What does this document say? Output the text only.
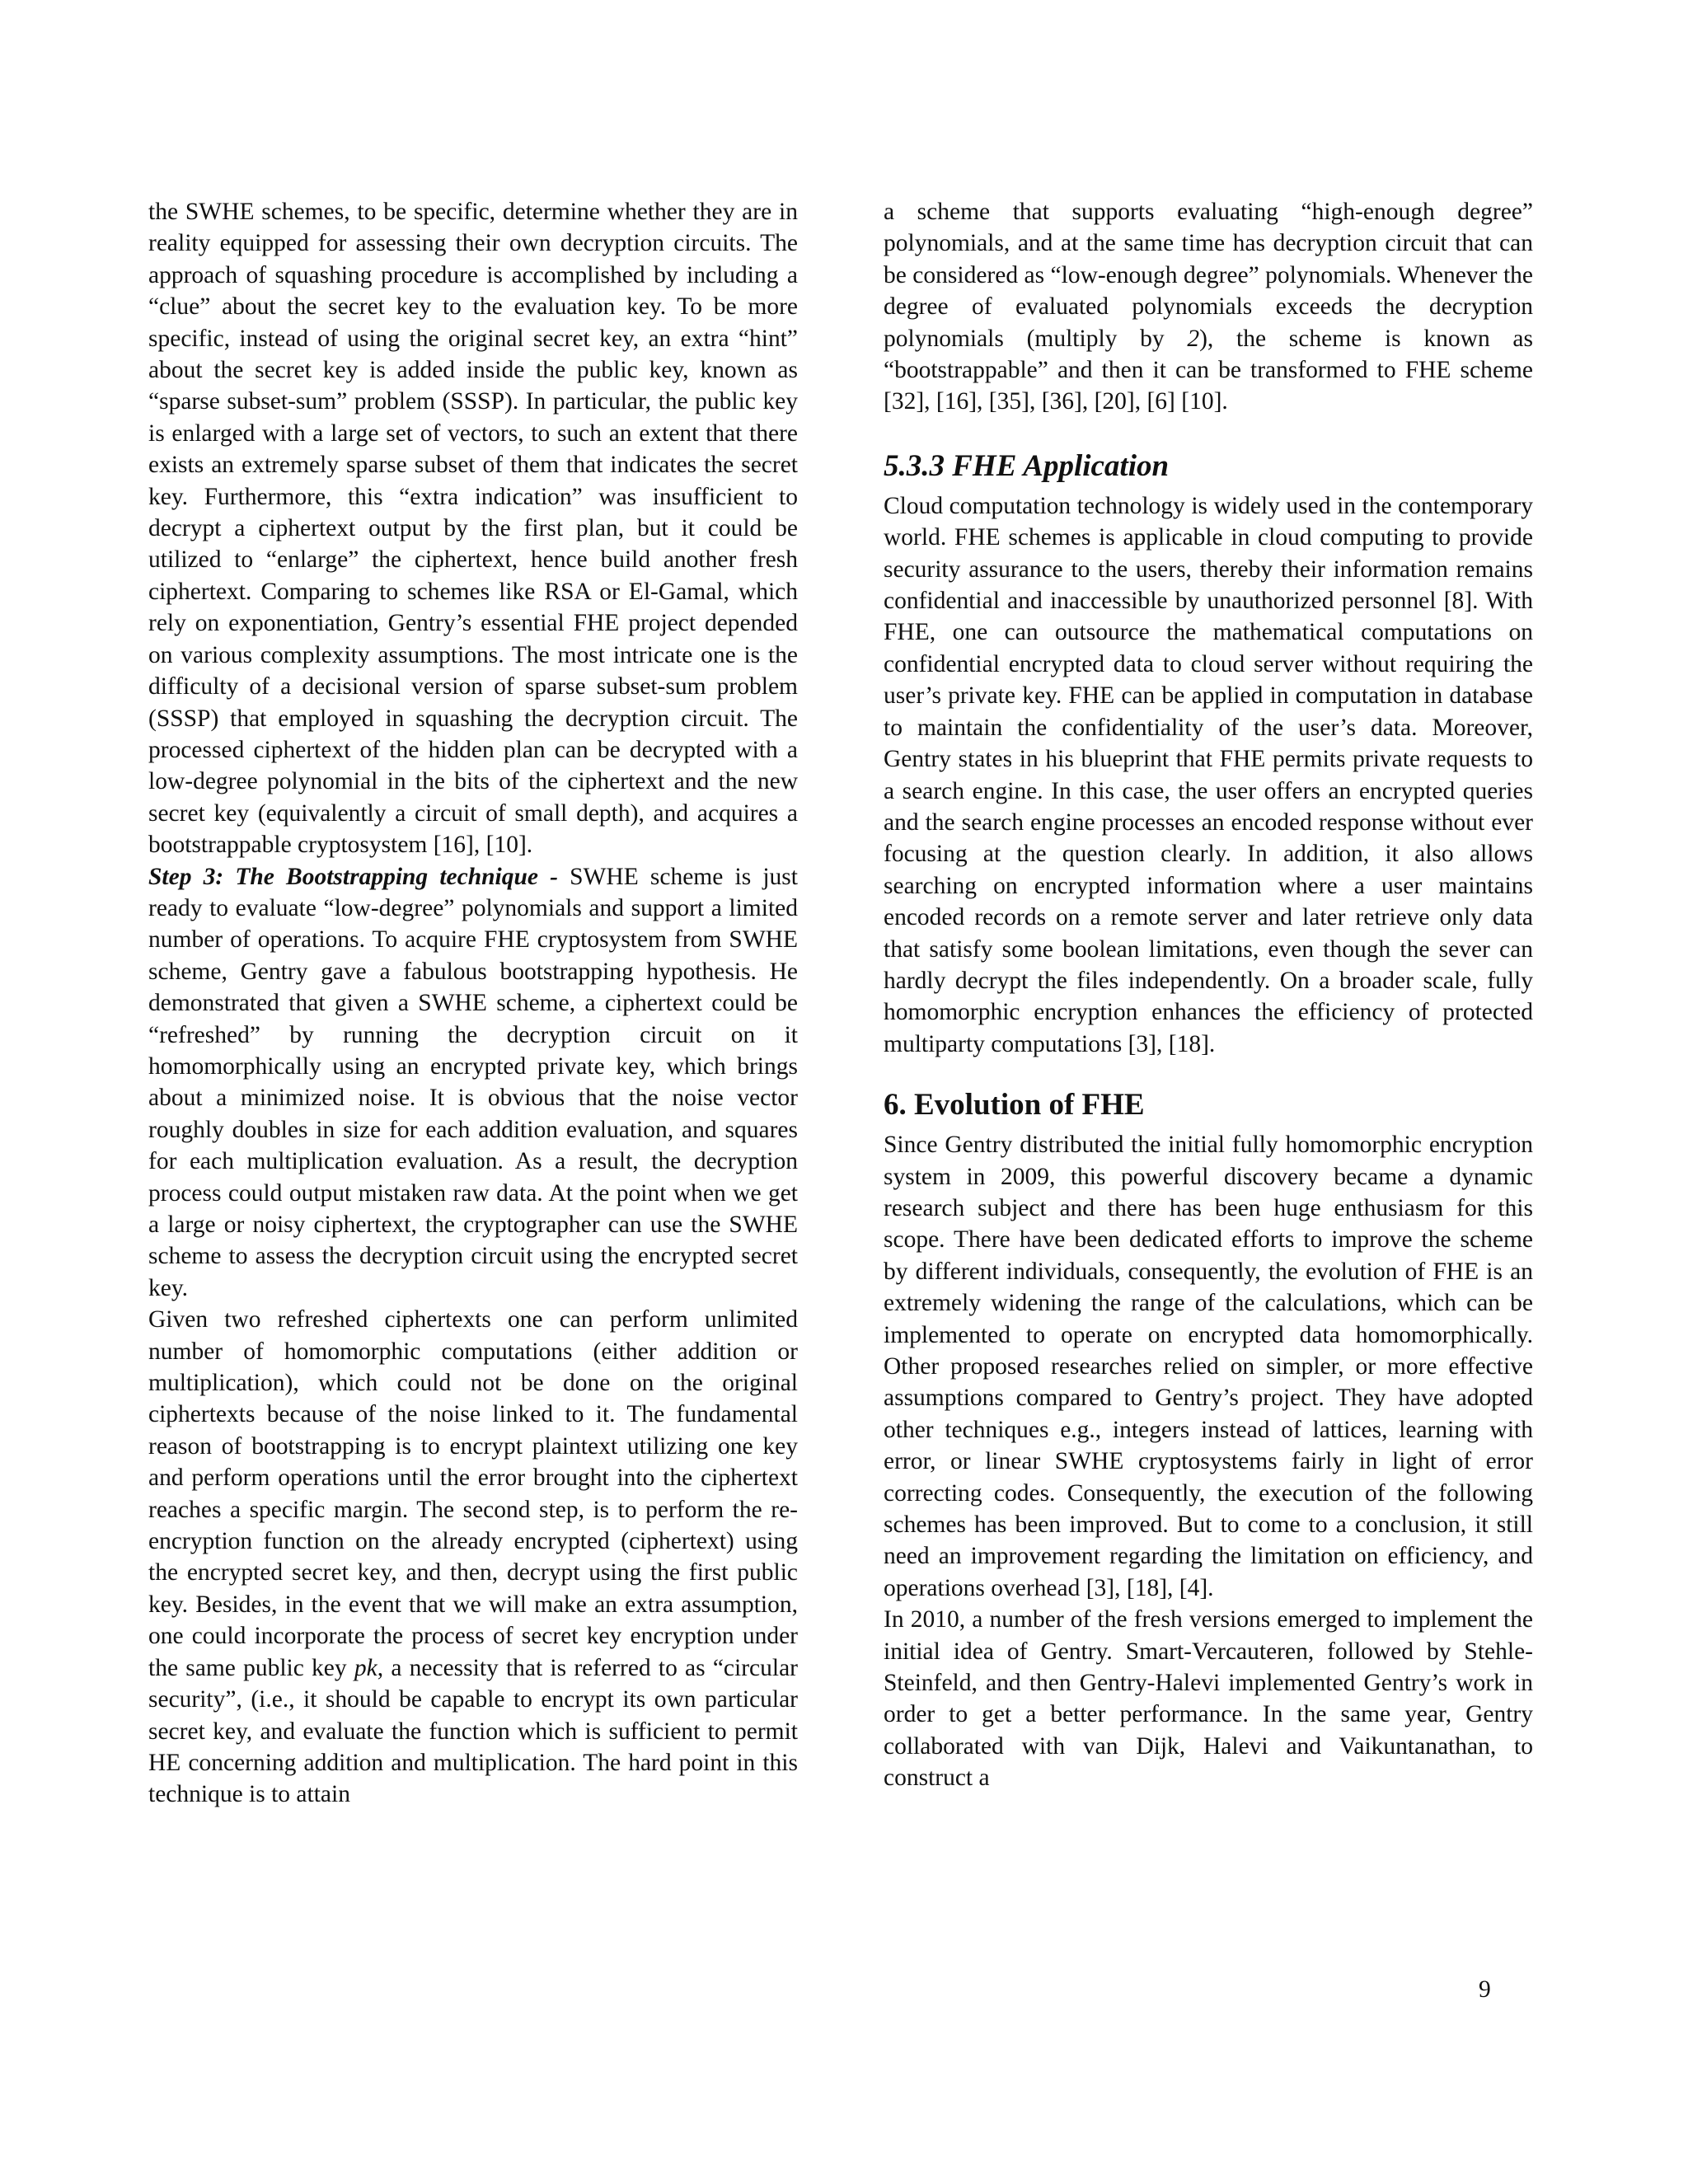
the SWHE schemes, to be specific, determine whether they are in reality equipped for assessing their own decryption circuits. The approach of squashing procedure is accomplished by including a “clue” about the secret key to the evaluation key. To be more specific, instead of using the original secret key, an extra “hint” about the secret key is added inside the public key, known as “sparse subset-sum” problem (SSSP). In particular, the public key is enlarged with a large set of vectors, to such an extent that there exists an extremely sparse subset of them that indicates the secret key. Furthermore, this “extra indication” was insufficient to decrypt a ciphertext output by the first plan, but it could be utilized to “enlarge” the ciphertext, hence build another fresh ciphertext. Comparing to schemes like RSA or El-Gamal, which rely on exponentiation, Gentry’s essential FHE project depended on various complexity assumptions. The most intricate one is the difficulty of a decisional version of sparse subset-sum problem (SSSP) that employed in squashing the decryption circuit. The processed ciphertext of the hidden plan can be decrypted with a low-degree polynomial in the bits of the ciphertext and the new secret key (equivalently a circuit of small depth), and acquires a bootstrappable cryptosystem [16], [10].

Step 3: The Bootstrapping technique - SWHE scheme is just ready to evaluate “low-degree” polynomials and support a limited number of operations. To acquire FHE cryptosystem from SWHE scheme, Gentry gave a fabulous bootstrapping hypothesis. He demonstrated that given a SWHE scheme, a ciphertext could be “refreshed” by running the decryption circuit on it homomorphically using an encrypted private key, which brings about a minimized noise. It is obvious that the noise vector roughly doubles in size for each addition evaluation, and squares for each multiplication evaluation. As a result, the decryption process could output mistaken raw data. At the point when we get a large or noisy ciphertext, the cryptographer can use the SWHE scheme to assess the decryption circuit using the encrypted secret key.

Given two refreshed ciphertexts one can perform unlimited number of homomorphic computations (either addition or multiplication), which could not be done on the original ciphertexts because of the noise linked to it. The fundamental reason of bootstrapping is to encrypt plaintext utilizing one key and perform operations until the error brought into the ciphertext reaches a specific margin. The second step, is to perform the re-encryption function on the already encrypted (ciphertext) using the encrypted secret key, and then, decrypt using the first public key. Besides, in the event that we will make an extra assumption, one could incorporate the process of secret key encryption under the same public key pk, a necessity that is referred to as “circular security”, (i.e., it should be capable to encrypt its own particular secret key, and evaluate the function which is sufficient to permit HE concerning addition and multiplication. The hard point in this technique is to attain

a scheme that supports evaluating “high-enough degree” polynomials, and at the same time has decryption circuit that can be considered as “low-enough degree” polynomials. Whenever the degree of evaluated polynomials exceeds the decryption polynomials (multiply by 2), the scheme is known as “bootstrappable” and then it can be transformed to FHE scheme [32], [16], [35], [36], [20], [6] [10].

5.3.3 FHE Application

Cloud computation technology is widely used in the contemporary world. FHE schemes is applicable in cloud computing to provide security assurance to the users, thereby their information remains confidential and inaccessible by unauthorized personnel [8]. With FHE, one can outsource the mathematical computations on confidential encrypted data to cloud server without requiring the user’s private key. FHE can be applied in computation in database to maintain the confidentiality of the user’s data. Moreover, Gentry states in his blueprint that FHE permits private requests to a search engine. In this case, the user offers an encrypted queries and the search engine processes an encoded response without ever focusing at the question clearly. In addition, it also allows searching on encrypted information where a user maintains encoded records on a remote server and later retrieve only data that satisfy some boolean limitations, even though the sever can hardly decrypt the files independently. On a broader scale, fully homomorphic encryption enhances the efficiency of protected multiparty computations [3], [18].

6. Evolution of FHE

Since Gentry distributed the initial fully homomorphic encryption system in 2009, this powerful discovery became a dynamic research subject and there has been huge enthusiasm for this scope. There have been dedicated efforts to improve the scheme by different individuals, consequently, the evolution of FHE is an extremely widening the range of the calculations, which can be implemented to operate on encrypted data homomorphically. Other proposed researches relied on simpler, or more effective assumptions compared to Gentry’s project. They have adopted other techniques e.g., integers instead of lattices, learning with error, or linear SWHE cryptosystems fairly in light of error correcting codes. Consequently, the execution of the following schemes has been improved. But to come to a conclusion, it still need an improvement regarding the limitation on efficiency, and operations overhead [3], [18], [4].

In 2010, a number of the fresh versions emerged to implement the initial idea of Gentry. Smart-Vercauteren, followed by Stehle-Steinfeld, and then Gentry-Halevi implemented Gentry’s work in order to get a better performance. In the same year, Gentry collaborated with van Dijk, Halevi and Vaikuntanathan, to construct a

9
